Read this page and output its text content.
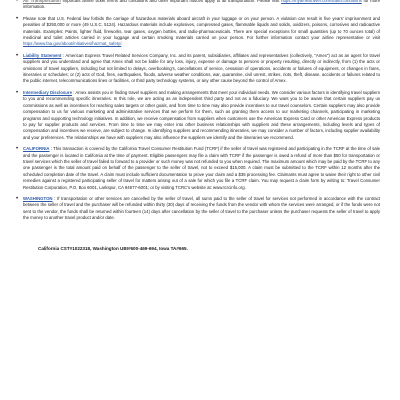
•	Air Transportation Important airline ticket terms and conditions and other important notices apply to all transportation. Please visit https://myamextravel.com/static/conditions for more information.
•	Please note that U.S. Federal law forbids the carriage of hazardous materials aboard aircraft in your luggage or on your person. A violation can result in five years' imprisonment and penalties of $250,000 or more (49 U.S.C. 5124). Hazardous materials include explosives, compressed gases, flammable liquids and solids, oxidizers, poisons, corrosives and radioactive materials. Examples: Paints, lighter fluid, fireworks, tear gases, oxygen bottles, and radio-pharmaceuticals. There are special exceptions for small quantities (up to 70 ounces total) of medicinal and toilet articles carried in your luggage and certain smoking materials carried on your person. For further information contact your airline representative or visit https://www.faa.gov/about/initiatives/hazmat_safety/.
•	Liability Statement : American Express Travel Related Services Company, Inc. and its parent, subsidiaries, affiliates and representatives (collectively, "Amex") act as an agent for travel suppliers and you understand and agree that Amex shall not be liable for any loss, injury, expense or damage to persons or property resulting, directly or indirectly, from (1) the acts or omissions of travel suppliers, including but not limited to delays, overbooking's, cancellations of service, cessation of operations, accidents or failures of equipment, or changes in fares, itineraries or schedules; or (2) acts of God, fires, earthquakes, floods, adverse weather conditions, war, quarantine, civil unrest, strikes, riots, theft, disease, accidents or failures related to the public internet, telecommunications lines or facilities, or third party technology systems, or any other cause beyond the control of Amex.
•	Intermediary Disclosure : Amex assists you in finding travel suppliers and making arrangements that meet your individual needs. We consider various factors in identifying travel suppliers to you and recommending specific itineraries. In this role, we are acting as an independent third party and not as a fiduciary. We want you to be aware that certain suppliers pay us commissions as well as incentives for reaching sales targets or other goals, and from time to time may also provide incentives to our travel counselors. Certain suppliers may also provide compensation to us for various marketing and administrative services that we perform for them, such as granting them access to our marketing channels, participating in marketing programs and supporting technology initiatives. In addition, we receive compensation from suppliers when customers use the American Express Card or other American Express products to pay for supplier products and services. From time to time we may enter into other business relationships with suppliers and these arrangements, including levels and types of compensation and incentives we receive, are subject to change. In identifying suppliers and recommending itineraries, we may consider a number of factors, including supplier availability and your preferences. The relationships we have with suppliers may also influence the suppliers we identify and the itineraries we recommend.
•	CALIFORNIA : This transaction is covered by the California Travel Consumer Restitution Fund (TCRF) if the seller of travel was registered and participating in the TCRF at the time of sale and the passenger is located in California at the time of payment. Eligible passengers may file a claim with TCRF if the passenger is owed a refund of more than $50 for transportation or travel services which the seller of travel failed to forward to a provider or such money was not refunded to you when required. The maximum amount which may be paid by the TCRF to any one passenger is the total amount paid on behalf of the passenger to the seller of travel, not to exceed $15,000. A claim must be submitted to the TCRF within 12 months after the scheduled completion date of the travel. A claim must include sufficient documentation to prove your claim and a $35 processing fee. Claimants must agree to waive their right to other civil remedies against a registered participating seller of travel for matters arising out of a sale for which you file a TCRF claim. You may request a claim form by writing to: Travel Consumer Restitution Corporation, P.O. Box 6001, Larkspur, CA 94977-6001; or by visiting TCRC's website at: www.tcrcinfo.org.
•	WASHINGTON : If transportation or other services are cancelled by the seller of travel, all sums paid to the seller of travel for services not performed in accordance with the contract between the seller of travel and the purchaser will be refunded within thirty (30) days of receiving the funds from the vendor with whom the services were arranged, or if the funds were not sent to the vendor, the funds shall be returned within fourteen (14) days after cancellation by the seller of travel to the purchaser unless the purchaser requests the seller of travel to apply the money to another travel product and/or date.
California CST#1022318, Washington UBI#600-469-694, Iowa TA#665.
